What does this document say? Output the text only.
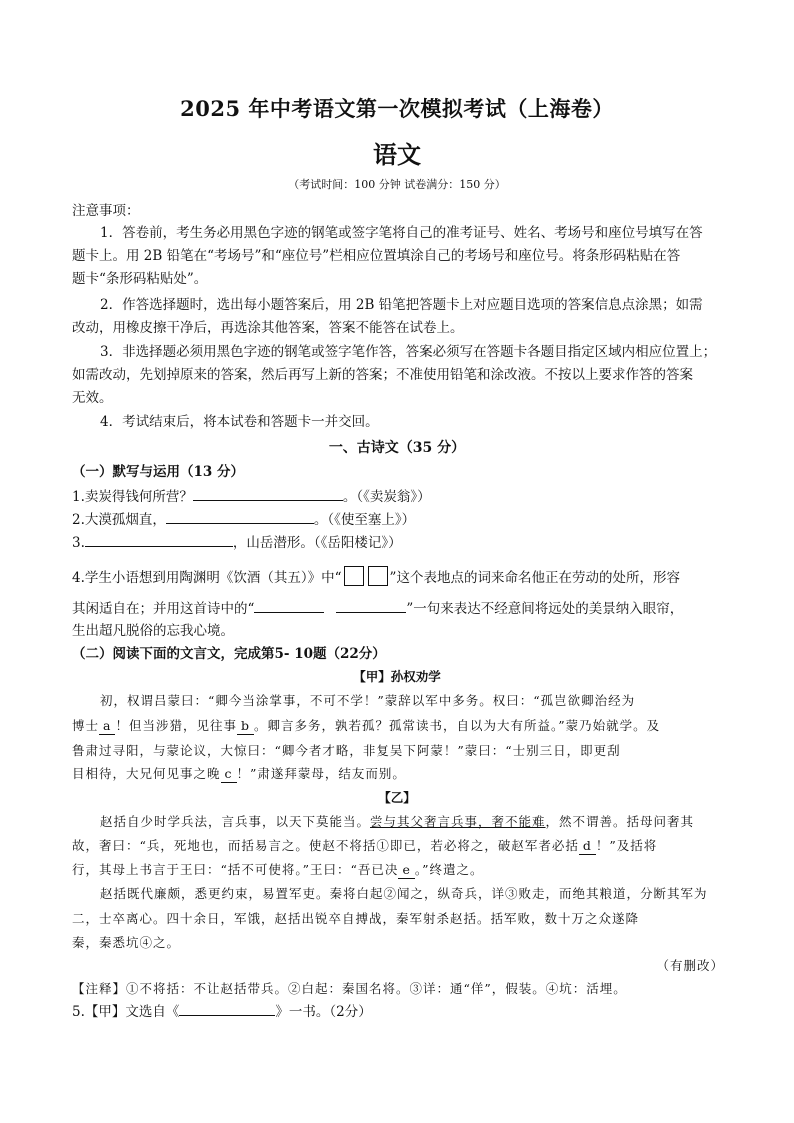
2025 年中考语文第一次模拟考试（上海卷）
语文
（考试时间：100 分钟 试卷满分：150 分）
注意事项：
1．答卷前，考生务必用黑色字迹的钢笔或签字笔将自己的准考证号、姓名、考场号和座位号填写在答
题卡上。用 2B 铅笔在“考场号”和“座位号”栏相应位置填涂自己的考场号和座位号。将条形码粘贴在答
题卡“条形码粘贴处”。
2．作答选择题时，选出每小题答案后，用 2B 铅笔把答题卡上对应题目选项的答案信息点涂黑；如需
改动，用橡皮擦干净后，再选涂其他答案，答案不能答在试卷上。
3．非选择题必须用黑色字迹的钢笔或签字笔作答，答案必须写在答题卡各题目指定区域内相应位置上；
如需改动，先划掉原来的答案，然后再写上新的答案；不准使用铅笔和涂改液。不按以上要求作答的答案
无效。
4．考试结束后，将本试卷和答题卡一并交回。
一、古诗文（35 分）
（一）默写与运用（13 分）
1.卖炭得钱何所营？	。（《卖炭翁》）
2.大漠孤烟直，	。（《使至塞上》）
3.	，山岳潜形。（《岳阳楼记》）
4.学生小语想到用陶渊明《饮酒（其五）》中“	”这个表地点的词来命名他正在劳动的处所，形容
其闲适自在；并用这首诗中的“	”一句来表达不经意间将远处的美景纳入眼帘，
生出超凡脱俗的忘我心境。
（二）阅读下面的文言文，完成第5- 10题（22分）
【甲】孙权劝学
初，权谓吕蒙曰：“卿今当涂掌事，不可不学！”蒙辞以军中多务。权曰：“孤岂欲卿治经为
博士 a ！但当涉猎，见往事 b 。卿言多务，孰若孤？孤常读书，自以为大有所益。”蒙乃始就学。及
鲁肃过寻阳，与蒙论议，大惊曰：“卿今者才略，非复吴下阿蒙！”蒙曰：“士别三日，即更刮
目相待，大兄何见事之晚 c ！”肃遂拜蒙母，结友而别。
【乙】
赵括自少时学兵法，言兵事，以天下莫能当。尝与其父奢言兵事，奢不能难，然不谓善。括母问奢其
故，奢曰：“兵，死地也，而括易言之。使赵不将括①即已，若必将之，破赵军者必括 d ！”及括将
行，其母上书言于王曰：“括不可使将。”王曰：“吾已决 e 。”终遣之。
赵括既代廉颇，悉更约束，易置军吏。秦将白起②闻之，纵奇兵，详③败走，而绝其粮道，分断其军为
二，士卒离心。四十余日，军饿，赵括出锐卒自搏战，秦军射杀赵括。括军败，数十万之众遂降
秦，秦悉坑④之。
（有删改）
【注释】①不将括：不让赵括带兵。②白起：秦国名将。③详：通“佯”，假装。④坑：活埋。
5.【甲】文选自《	》一书。（2分）
